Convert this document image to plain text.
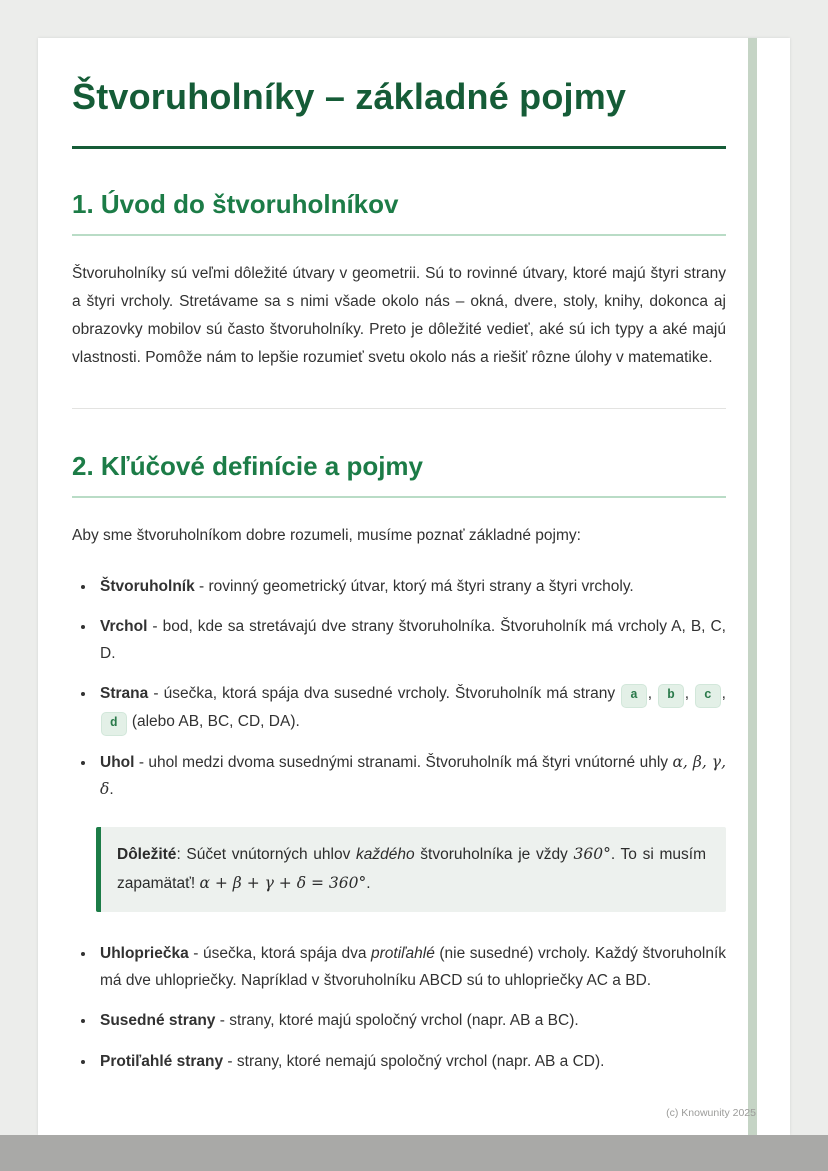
Štvoruholníky – základné pojmy
1. Úvod do štvoruholníkov

Štvoruholníky sú veľmi dôležité útvary v geometrii. Sú to rovinné útvary, ktoré majú štyri strany a štyri vrcholy. Stretávame sa s nimi všade okolo nás – okná, dvere, stoly, knihy, dokonca aj obrazovky mobilov sú často štvoruholníky. Preto je dôležité vedieť, aké sú ich typy a aké majú vlastnosti. Pomôže nám to lepšie rozumieť svetu okolo nás a riešiť rôzne úlohy v matematike.

2. Kľúčové definície a pojmy

Aby sme štvoruholníkom dobre rozumeli, musíme poznať základné pojmy:

• Štvoruholník - rovinný geometrický útvar, ktorý má štyri strany a štyri vrcholy.
• Vrchol - bod, kde sa stretávajú dve strany štvoruholníka. Štvoruholník má vrcholy A, B, C, D.
• Strana - úsečka, ktorá spája dva susedné vrcholy. Štvoruholník má strany a , b , c , d (alebo AB, BC, CD, DA).
• Uhol - uhol medzi dvoma susednými stranami. Štvoruholník má štyri vnútorné uhly α, β, γ, δ.
Dôležité: Súčet vnútorných uhlov každého štvoruholníka je vždy 360°. To si musím zapamätať! α + β + γ + δ = 360°.
• Uhlopriečka - úsečka, ktorá spája dva protiľahlé (nie susedné) vrcholy. Každý štvoruholník má dve uhlopriečky. Napríklad v štvoruholníku ABCD sú to uhlopriečky AC a BD.
• Susedné strany - strany, ktoré majú spoločný vrchol (napr. AB a BC).
• Protiľahlé strany - strany, ktoré nemajú spoločný vrchol (napr. AB a CD).
(c) Knowunity 2025
